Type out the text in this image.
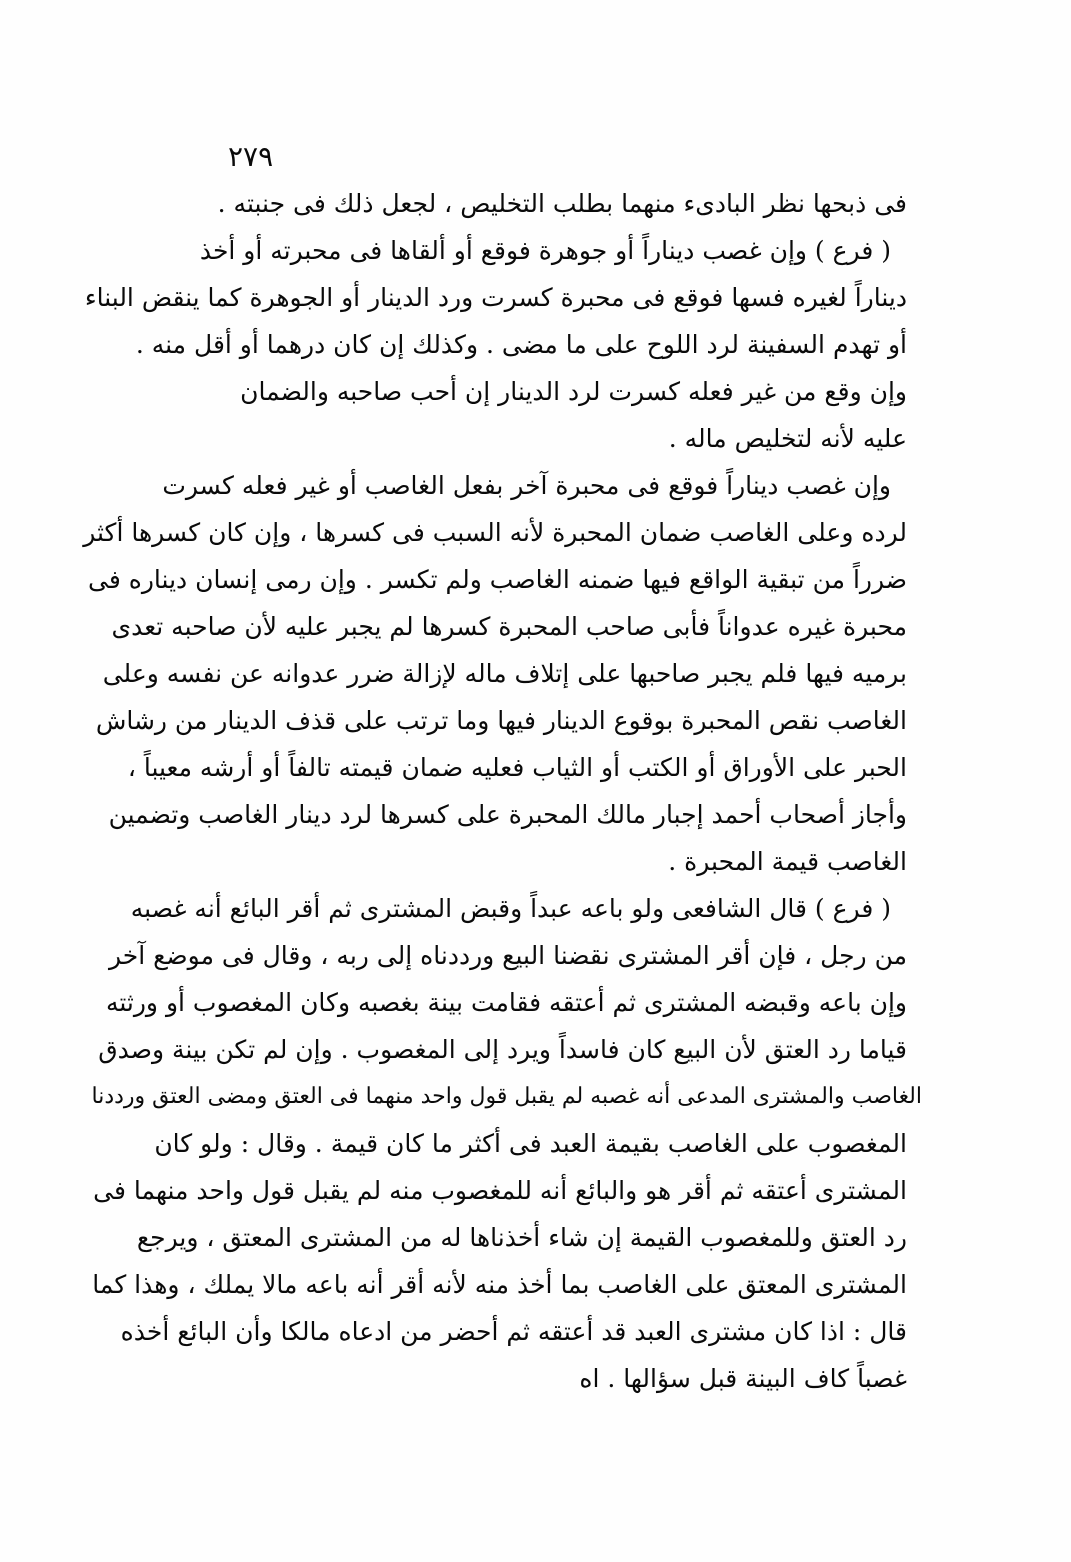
٢٧٩
فى ذبحها نظر البادىء منهما بطلب التخليص ، لجعل ذلك فى جنبته .
( فرع ) وإن غصب ديناراً أو جوهرة فوقع أو ألقاها فى محبرته أو أخذ
ديناراً لغيره فسها فوقع فى محبرة كسرت ورد الدينار أو الجوهرة كما ينقض البناء
أو تهدم السفينة لرد اللوح على ما مضى . وكذلك إن كان درهما أو أقل منه .
وإن وقع من غير فعله كسرت لرد الدينار إن أحب صاحبه والضمان
عليه لأنه لتخليص ماله .
وإن غصب ديناراً فوقع فى محبرة آخر بفعل الغاصب أو غير فعله كسرت
لرده وعلى الغاصب ضمان المحبرة لأنه السبب فى كسرها ، وإن كان كسرها أكثر
ضرراً من تبقية الواقع فيها ضمنه الغاصب ولم تكسر . وإن رمى إنسان ديناره فى
محبرة غيره عدواناً فأبى صاحب المحبرة كسرها لم يجبر عليه لأن صاحبه تعدى
برميه فيها فلم يجبر صاحبها على إتلاف ماله لإزالة ضرر عدوانه عن نفسه وعلى
الغاصب نقص المحبرة بوقوع الدينار فيها وما ترتب على قذف الدينار من رشاش
الحبر على الأوراق أو الكتب أو الثياب فعليه ضمان قيمته تالفاً أو أرشه معيباً ،
وأجاز أصحاب أحمد إجبار مالك المحبرة على كسرها لرد دينار الغاصب وتضمين
الغاصب قيمة المحبرة .
( فرع ) قال الشافعى ولو باعه عبداً وقبض المشترى ثم أقر البائع أنه غصبه
من رجل ، فإن أقر المشترى نقضنا البيع ورددناه إلى ربه ، وقال فى موضع آخر
وإن باعه وقبضه المشترى ثم أعتقه فقامت بينة بغصبه وكان المغصوب أو ورثته
قياما رد العتق لأن البيع كان فاسداً ويرد إلى المغصوب . وإن لم تكن بينة وصدق
الغاصب والمشترى المدعى أنه غصبه لم يقبل قول واحد منهما فى العتق ومضى العتق ورددنا
المغصوب على الغاصب بقيمة العبد فى أكثر ما كان قيمة . وقال : ولو كان
المشترى أعتقه ثم أقر هو والبائع أنه للمغصوب منه لم يقبل قول واحد منهما فى
رد العتق وللمغصوب القيمة إن شاء أخذناها له من المشترى المعتق ، ويرجع
المشترى المعتق على الغاصب بما أخذ منه لأنه أقر أنه باعه مالا يملك ، وهذا كما
قال : اذا كان مشترى العبد قد أعتقه ثم أحضر من ادعاه مالكا وأن البائع أخذه
غصباً كاف البينة قبل سؤالها . اه
